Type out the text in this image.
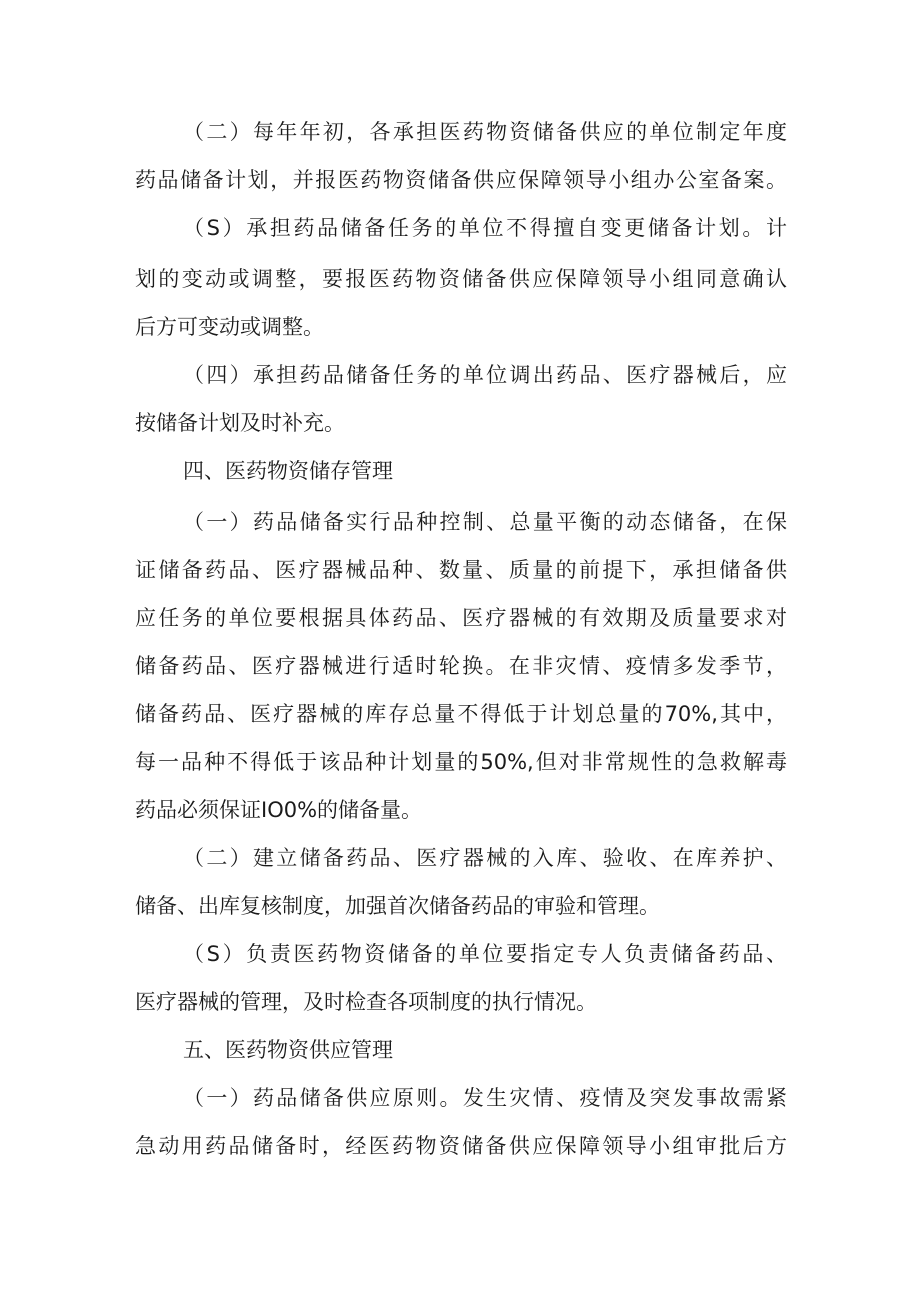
（二）每年年初，各承担医药物资储备供应的单位制定年度

药品储备计划，并报医药物资储备供应保障领导小组办公室备案。

（S）承担药品储备任务的单位不得擅自变更储备计划。计

划的变动或调整，要报医药物资储备供应保障领导小组同意确认

后方可变动或调整。

（四）承担药品储备任务的单位调出药品、医疗器械后，应

按储备计划及时补充。

四、医药物资储存管理

（一）药品储备实行品种控制、总量平衡的动态储备，在保

证储备药品、医疗器械品种、数量、质量的前提下，承担储备供

应任务的单位要根据具体药品、医疗器械的有效期及质量要求对

储备药品、医疗器械进行适时轮换。在非灾情、疫情多发季节，

储备药品、医疗器械的库存总量不得低于计划总量的70%,其中，

每一品种不得低于该品种计划量的50%,但对非常规性的急救解毒

药品必须保证IO0%的储备量。

（二）建立储备药品、医疗器械的入库、验收、在库养护、

储备、出库复核制度，加强首次储备药品的审验和管理。

（S）负责医药物资储备的单位要指定专人负责储备药品、

医疗器械的管理，及时检查各项制度的执行情况。

五、医药物资供应管理

（一）药品储备供应原则。发生灾情、疫情及突发事故需紧

急动用药品储备时，经医药物资储备供应保障领导小组审批后方
